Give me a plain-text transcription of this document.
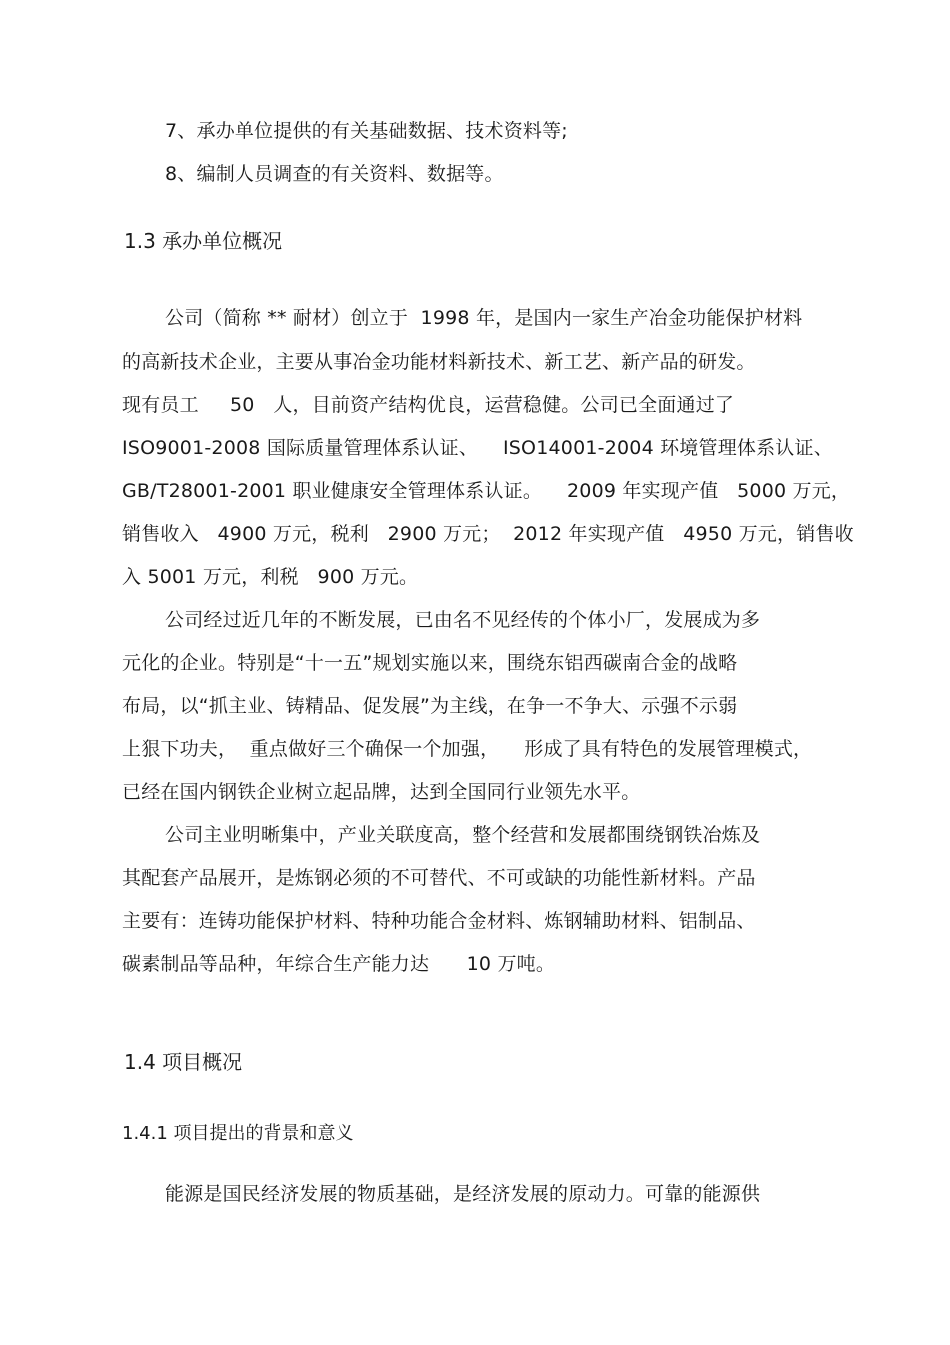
7、承办单位提供的有关基础数据、技术资料等;
8、编制人员调查的有关资料、数据等。
1.3 承办单位概况
公司（简称 ** 耐材）创立于  1998 年，是国内一家生产冶金功能保护材料
的高新技术企业，主要从事冶金功能材料新技术、新工艺、新产品的研发。
现有员工     50   人，目前资产结构优良，运营稳健。公司已全面通过了
ISO9001-2008 国际质量管理体系认证、    ISO14001-2004 环境管理体系认证、
GB/T28001-2001 职业健康安全管理体系认证。    2009 年实现产值   5000 万元，
销售收入   4900 万元，税利   2900 万元；  2012 年实现产值   4950 万元，销售收
入 5001 万元，利税   900 万元。
公司经过近几年的不断发展，已由名不见经传的个体小厂，发展成为多
元化的企业。特别是“十一五”规划实施以来，围绕东铝西碳南合金的战略
布局，以“抓主业、铸精品、促发展”为主线，在争一不争大、示强不示弱
上狠下功夫，  重点做好三个确保一个加强，    形成了具有特色的发展管理模式，
已经在国内钢铁企业树立起品牌，达到全国同行业领先水平。
公司主业明晰集中，产业关联度高，整个经营和发展都围绕钢铁冶炼及
其配套产品展开，是炼钢必须的不可替代、不可或缺的功能性新材料。产品
主要有：连铸功能保护材料、特种功能合金材料、炼钢辅助材料、铝制品、
碳素制品等品种，年综合生产能力达      10 万吨。
1.4 项目概况
1.4.1 项目提出的背景和意义
能源是国民经济发展的物质基础，是经济发展的原动力。可靠的能源供
